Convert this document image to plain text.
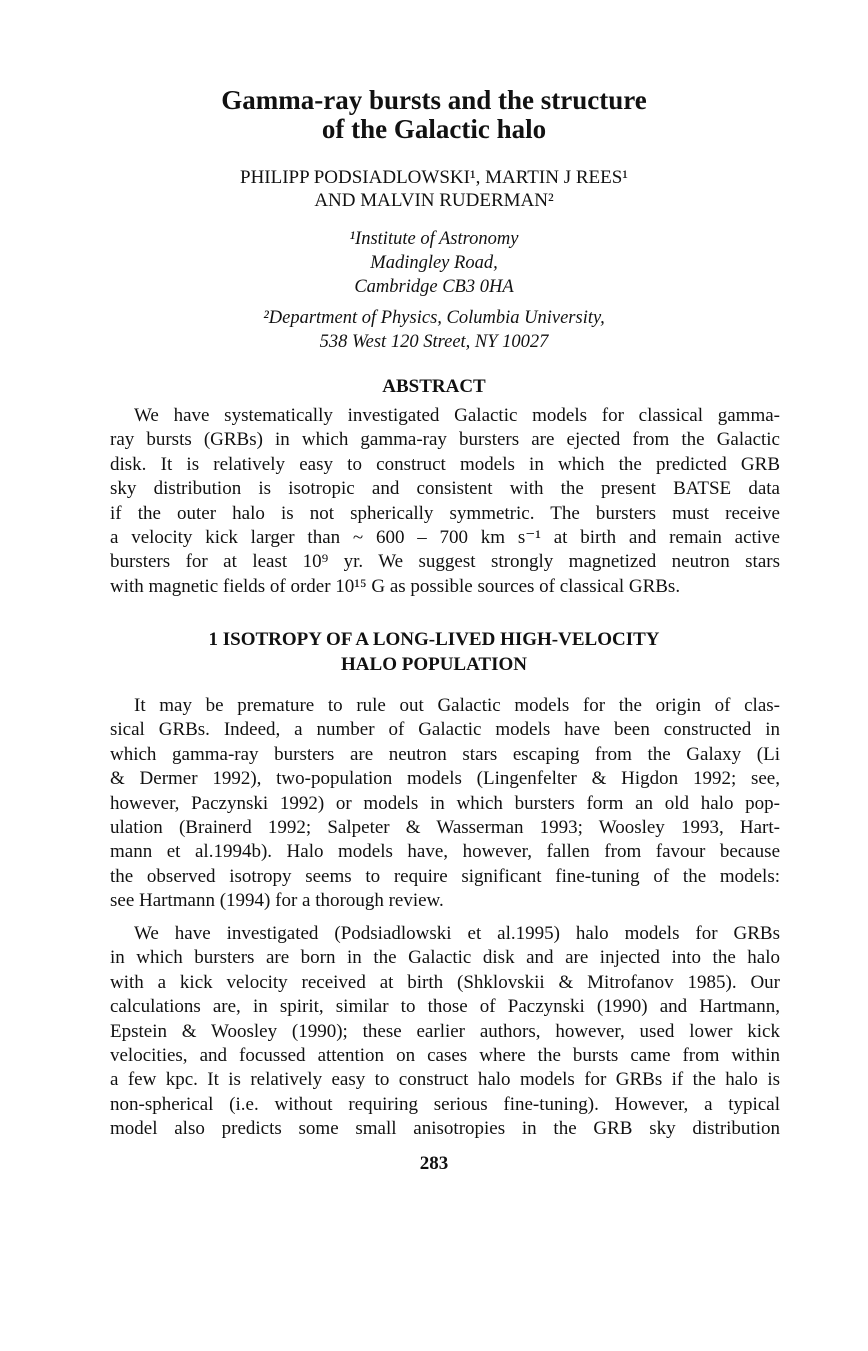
Gamma-ray bursts and the structure
of the Galactic halo
PHILIPP PODSIADLOWSKI¹, MARTIN J REES¹
AND MALVIN RUDERMAN²
¹Institute of Astronomy
Madingley Road,
Cambridge CB3 0HA
²Department of Physics, Columbia University,
538 West 120 Street, NY 10027
ABSTRACT
We have systematically investigated Galactic models for classical gamma-
ray bursts (GRBs) in which gamma-ray bursters are ejected from the Galactic
disk. It is relatively easy to construct models in which the predicted GRB
sky distribution is isotropic and consistent with the present BATSE data
if the outer halo is not spherically symmetric. The bursters must receive
a velocity kick larger than ~ 600 – 700 km s⁻¹ at birth and remain active
bursters for at least 10⁹ yr. We suggest strongly magnetized neutron stars
with magnetic fields of order 10¹⁵ G as possible sources of classical GRBs.
1 ISOTROPY OF A LONG-LIVED HIGH-VELOCITY
HALO POPULATION
It may be premature to rule out Galactic models for the origin of clas-
sical GRBs. Indeed, a number of Galactic models have been constructed in
which gamma-ray bursters are neutron stars escaping from the Galaxy (Li
& Dermer 1992), two-population models (Lingenfelter & Higdon 1992; see,
however, Paczynski 1992) or models in which bursters form an old halo pop-
ulation (Brainerd 1992; Salpeter & Wasserman 1993; Woosley 1993, Hart-
mann et al.1994b). Halo models have, however, fallen from favour because
the observed isotropy seems to require significant fine-tuning of the models:
see Hartmann (1994) for a thorough review.
We have investigated (Podsiadlowski et al.1995) halo models for GRBs
in which bursters are born in the Galactic disk and are injected into the halo
with a kick velocity received at birth (Shklovskii & Mitrofanov 1985). Our
calculations are, in spirit, similar to those of Paczynski (1990) and Hartmann,
Epstein & Woosley (1990); these earlier authors, however, used lower kick
velocities, and focussed attention on cases where the bursts came from within
a few kpc. It is relatively easy to construct halo models for GRBs if the halo is
non-spherical (i.e. without requiring serious fine-tuning). However, a typical
model also predicts some small anisotropies in the GRB sky distribution
283
